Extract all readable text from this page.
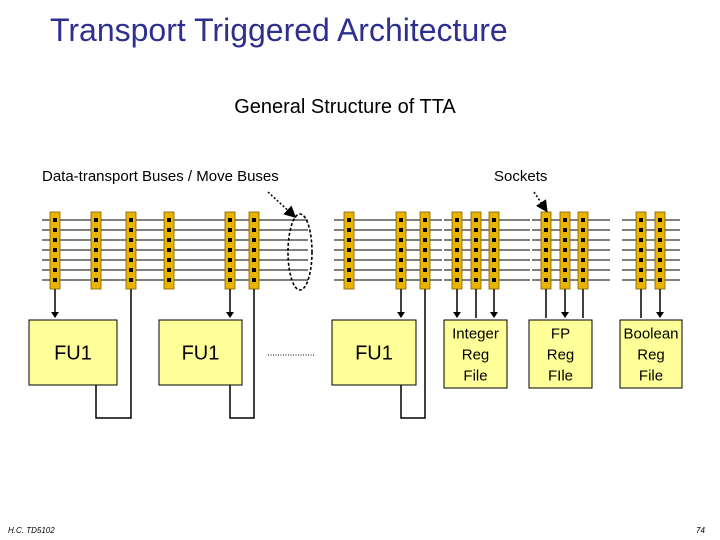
Transport Triggered Architecture
General Structure of TTA
Data-transport Buses / Move Buses	Sockets
FU1	FU1	FU1
Integer
Reg
File
FP
Reg
FIle
Boolean
Reg
File
H.C. TD5102	74
